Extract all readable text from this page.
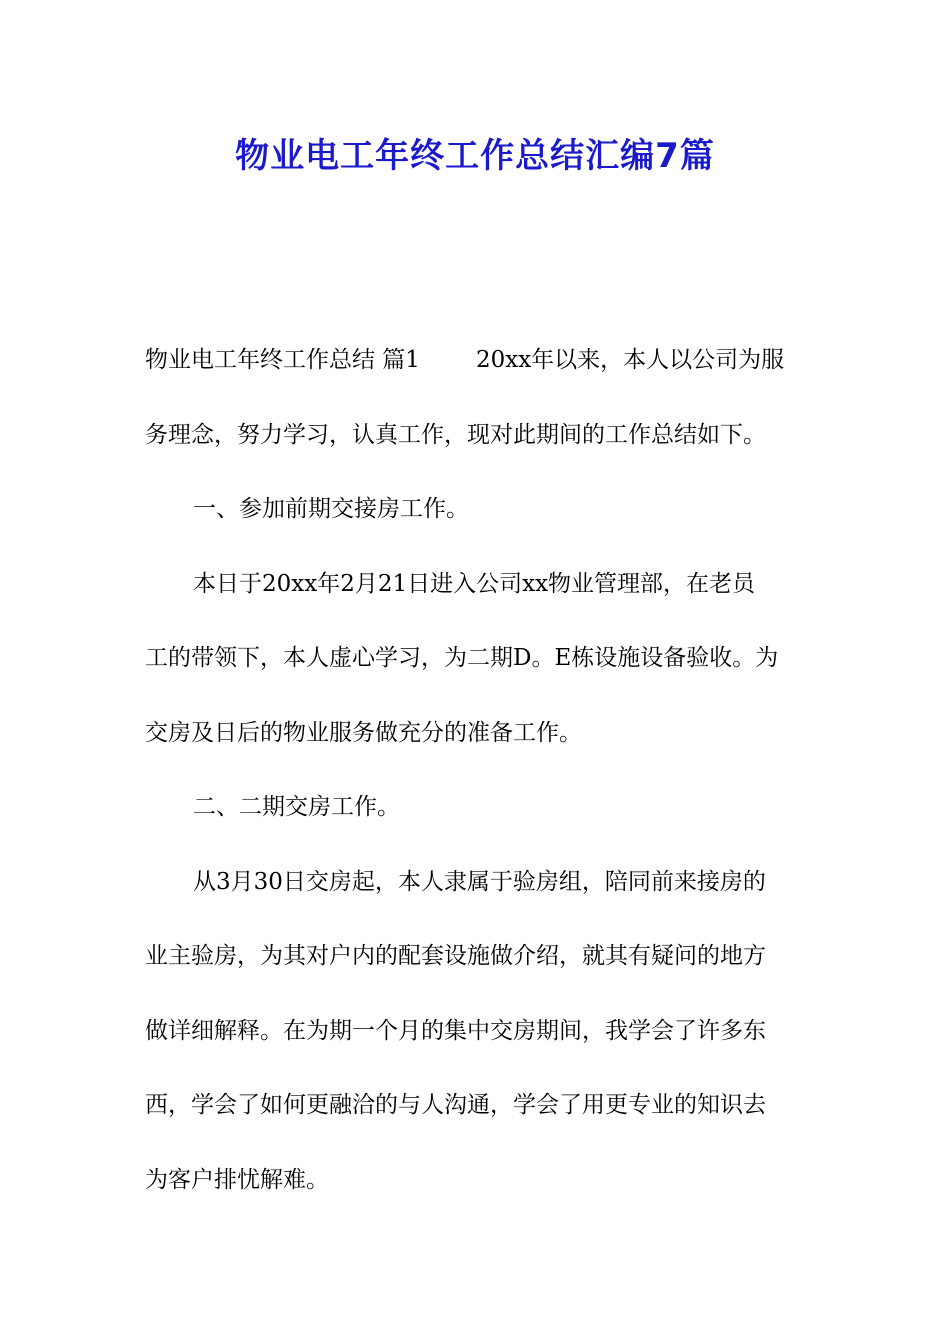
物业电工年终工作总结汇编7篇
物业电工年终工作总结 篇1 20xx年以来，本人以公司为服
务理念，努力学习，认真工作，现对此期间的工作总结如下。
一、参加前期交接房工作。
本日于20xx年2月21日进入公司xx物业管理部，在老员
工的带领下，本人虚心学习，为二期D。E栋设施设备验收。为
交房及日后的物业服务做充分的准备工作。
二、二期交房工作。
从3月30日交房起，本人隶属于验房组，陪同前来接房的
业主验房，为其对户内的配套设施做介绍，就其有疑问的地方
做详细解释。在为期一个月的集中交房期间，我学会了许多东
西，学会了如何更融洽的与人沟通，学会了用更专业的知识去
为客户排忧解难。
